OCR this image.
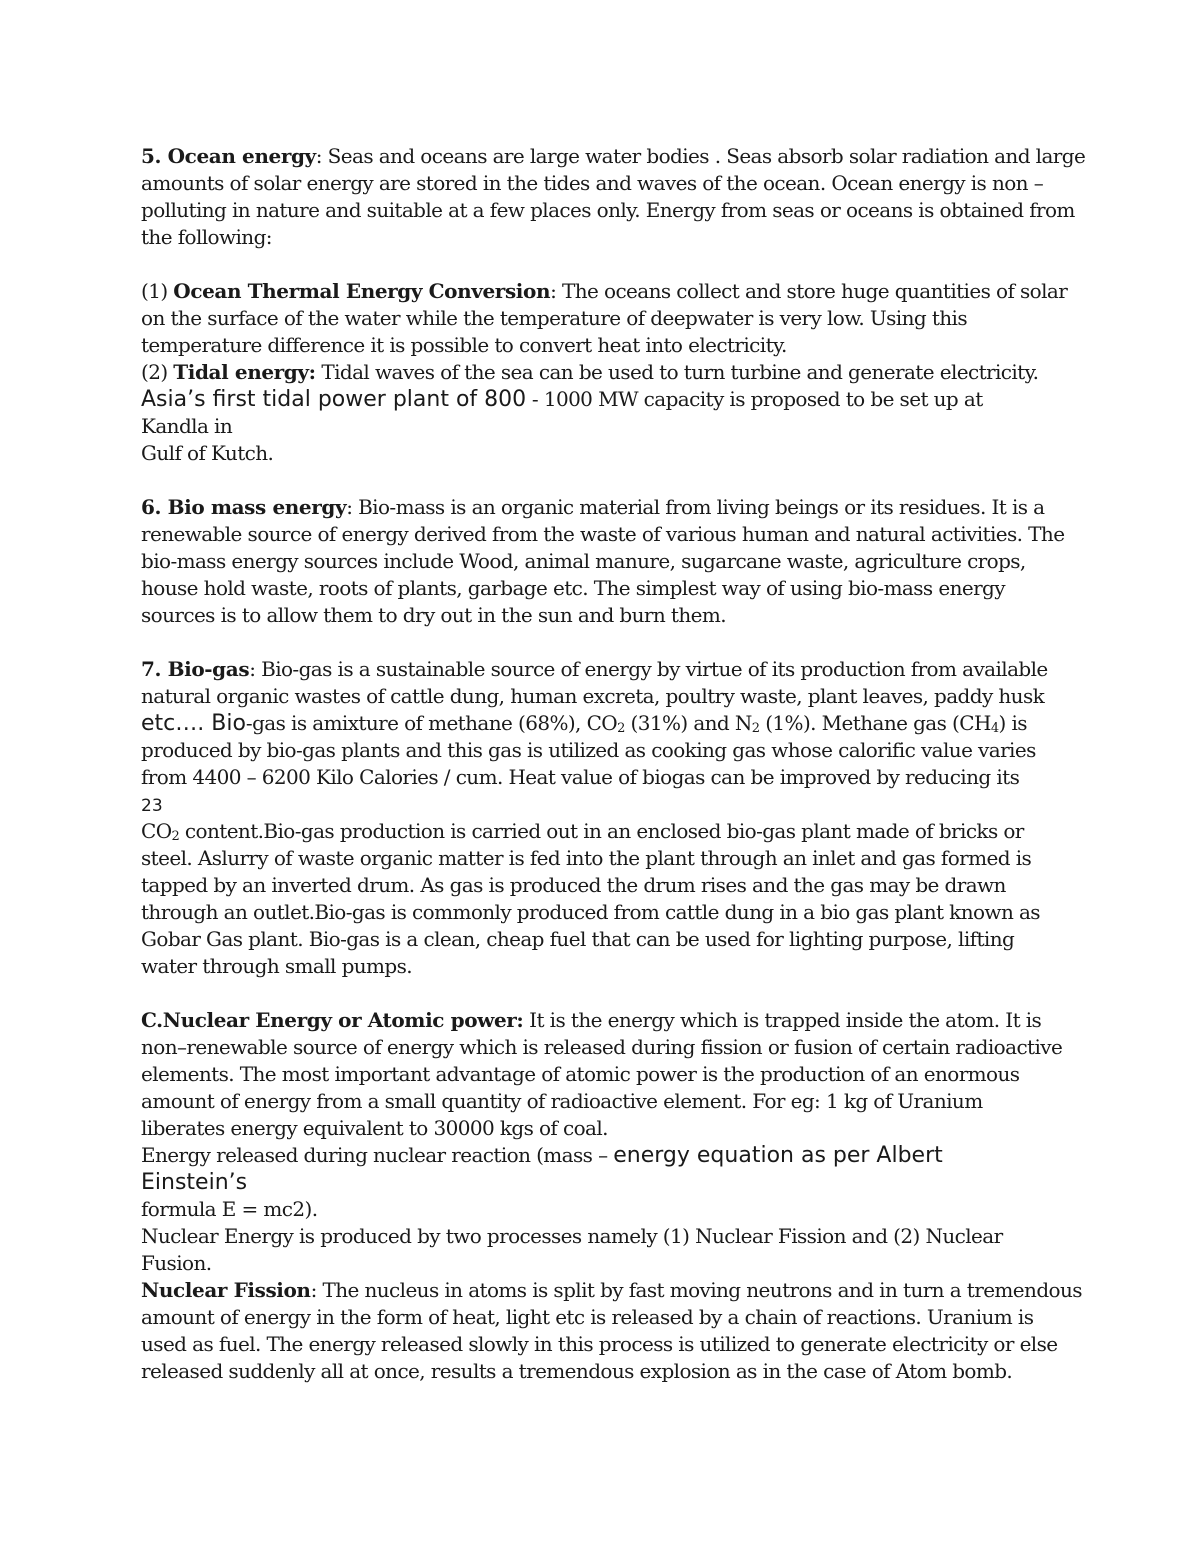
5. Ocean energy: Seas and oceans are large water bodies . Seas absorb solar radiation and large
amounts of solar energy are stored in the tides and waves of the ocean. Ocean energy is non –
polluting in nature and suitable at a few places only. Energy from seas or oceans is obtained from
the following:
(1) Ocean Thermal Energy Conversion: The oceans collect and store huge quantities of solar
on the surface of the water while the temperature of deepwater is very low. Using this
temperature difference it is possible to convert heat into electricity.
(2) Tidal energy: Tidal waves of the sea can be used to turn turbine and generate electricity.
Asia’s first tidal power plant of 800 - 1000 MW capacity is proposed to be set up at
Kandla in
Gulf of Kutch.
6. Bio mass energy: Bio-mass is an organic material from living beings or its residues. It is a
renewable source of energy derived from the waste of various human and natural activities. The
bio-mass energy sources include Wood, animal manure, sugarcane waste, agriculture crops,
house hold waste, roots of plants, garbage etc. The simplest way of using bio-mass energy
sources is to allow them to dry out in the sun and burn them.
7. Bio-gas: Bio-gas is a sustainable source of energy by virtue of its production from available
natural organic wastes of cattle dung, human excreta, poultry waste, plant leaves, paddy husk
etc…. Bio-gas is amixture of methane (68%), $CO_2$ (31%) and $N_2$ (1%). Methane gas $(CH_4)$ is
produced by bio-gas plants and this gas is utilized as cooking gas whose calorific value varies
from 4400 – 6200 Kilo Calories / cum. Heat value of biogas can be improved by reducing its
23
$CO_2$ content.Bio-gas production is carried out in an enclosed bio-gas plant made of bricks or
steel. Aslurry of waste organic matter is fed into the plant through an inlet and gas formed is
tapped by an inverted drum. As gas is produced the drum rises and the gas may be drawn
through an outlet.Bio-gas is commonly produced from cattle dung in a bio gas plant known as
Gobar Gas plant. Bio-gas is a clean, cheap fuel that can be used for lighting purpose, lifting
water through small pumps.
C.Nuclear Energy or Atomic power: It is the energy which is trapped inside the atom. It is
non–renewable source of energy which is released during fission or fusion of certain radioactive
elements. The most important advantage of atomic power is the production of an enormous
amount of energy from a small quantity of radioactive element. For eg: 1 kg of Uranium
liberates energy equivalent to 30000 kgs of coal.
Energy released during nuclear reaction (mass – energy equation as per Albert
Einstein’s
formula E = mc2).
Nuclear Energy is produced by two processes namely (1) Nuclear Fission and (2) Nuclear
Fusion.
Nuclear Fission: The nucleus in atoms is split by fast moving neutrons and in turn a tremendous
amount of energy in the form of heat, light etc is released by a chain of reactions. Uranium is
used as fuel. The energy released slowly in this process is utilized to generate electricity or else
released suddenly all at once, results a tremendous explosion as in the case of Atom bomb.
